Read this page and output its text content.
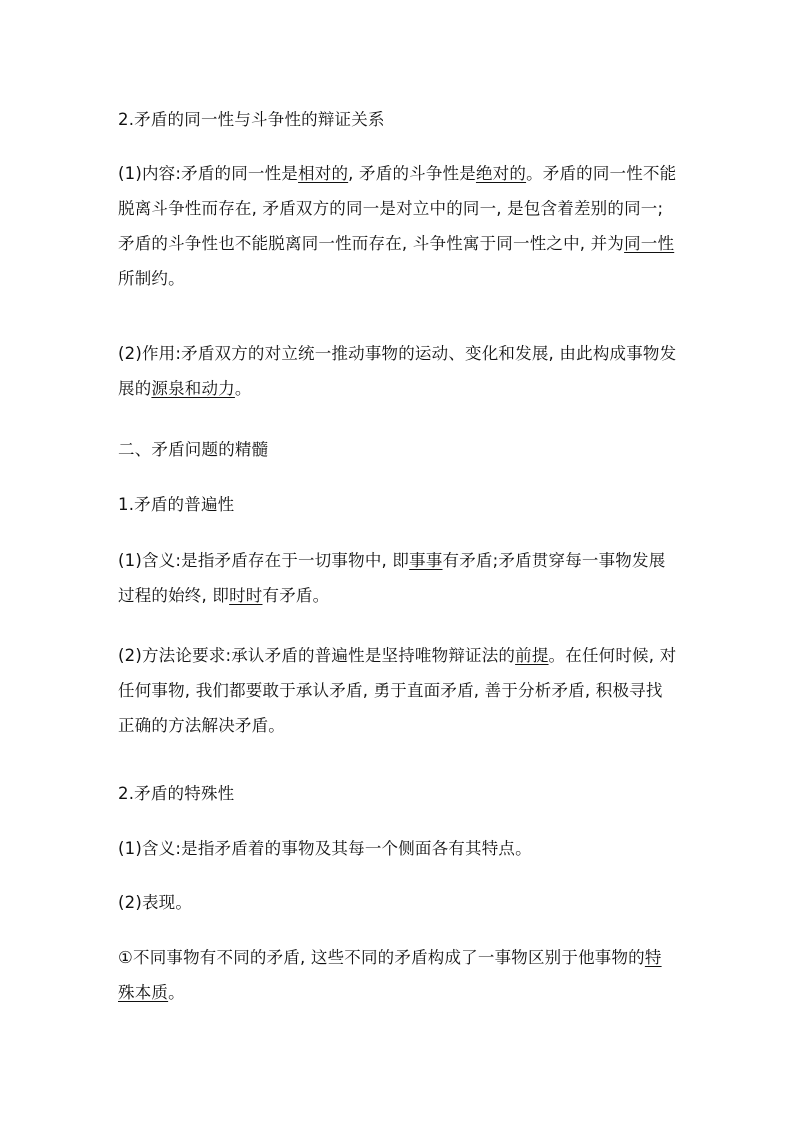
2.矛盾的同一性与斗争性的辩证关系

(1)内容:矛盾的同一性是相对的, 矛盾的斗争性是绝对的。矛盾的同一性不能脱离斗争性而存在, 矛盾双方的同一是对立中的同一, 是包含着差别的同一;矛盾的斗争性也不能脱离同一性而存在, 斗争性寓于同一性之中, 并为同一性所制约。

(2)作用:矛盾双方的对立统一推动事物的运动、变化和发展, 由此构成事物发展的源泉和动力。

二、矛盾问题的精髓

1.矛盾的普遍性

(1)含义:是指矛盾存在于一切事物中, 即事事有矛盾;矛盾贯穿每一事物发展过程的始终, 即时时有矛盾。

(2)方法论要求:承认矛盾的普遍性是坚持唯物辩证法的前提。在任何时候, 对任何事物, 我们都要敢于承认矛盾, 勇于直面矛盾, 善于分析矛盾, 积极寻找正确的方法解决矛盾。

2.矛盾的特殊性

(1)含义:是指矛盾着的事物及其每一个侧面各有其特点。

(2)表现。

①不同事物有不同的矛盾, 这些不同的矛盾构成了一事物区别于他事物的特殊本质。
